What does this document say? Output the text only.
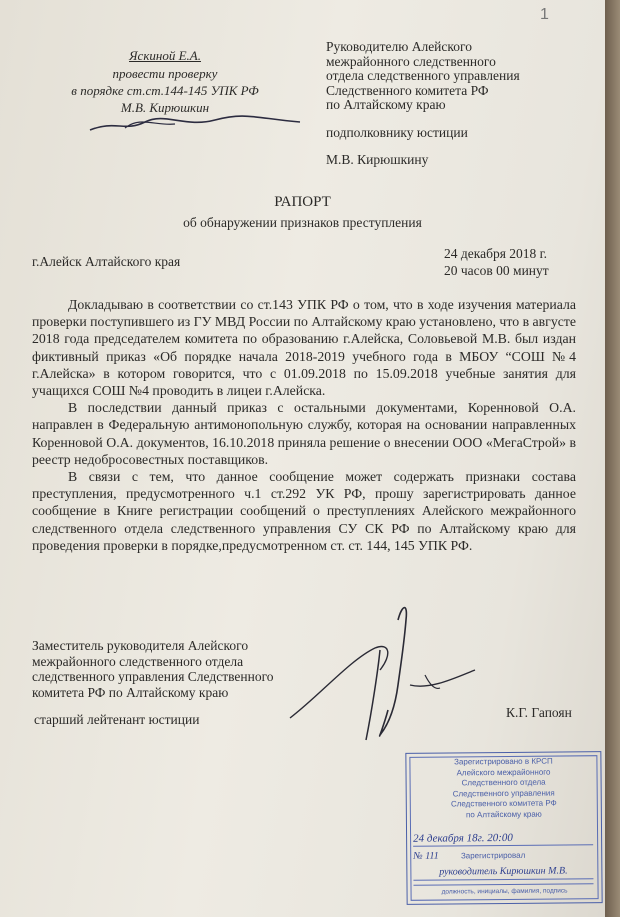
1
Яскиной Е.А.
провести проверку
в порядке ст.ст.144-145 УПК РФ
М.В. Кирюшкин
Руководителю Алейского
межрайонного следственного
отдела следственного управления
Следственного комитета РФ
по Алтайскому краю
подполковнику юстиции
М.В. Кирюшкину
РАПОРТ
об обнаружении признаков преступления
г.Алейск Алтайского края
24 декабря 2018 г.
20 часов 00 минут

Докладываю в соответствии со ст.143 УПК РФ о том, что в ходе изучения материала проверки поступившего из ГУ МВД России по Алтайскому краю установлено, что в августе 2018 года председателем комитета по образованию г.Алейска, Соловьевой М.В. был издан фиктивный приказ «Об порядке начала 2018-2019 учебного года в МБОУ “СОШ №4 г.Алейска» в котором говорится, что с 01.09.2018 по 15.09.2018 учебные занятия для учащихся СОШ №4 проводить в лицеи г.Алейска.

В последствии данный приказ с остальными документами, Коренновой О.А. направлен в Федеральную антимонопольную службу, которая на основании направленных Коренновой О.А. документов, 16.10.2018 приняла решение о внесении ООО «МегаСтрой» в реестр недобросовестных поставщиков.

В связи с тем, что данное сообщение может содержать признаки состава преступления, предусмотренного ч.1 ст.292 УК РФ, прошу зарегистрировать данное сообщение в Книге регистрации сообщений о преступлениях Алейского межрайонного следственного отдела следственного управления СУ СК РФ по Алтайскому краю для проведения проверки в порядке,предусмотренном ст. ст. 144, 145 УПК РФ.

Заместитель руководителя Алейского
межрайонного следственного отдела
следственного управления Следственного
комитета РФ по Алтайскому краю
старший лейтенант юстиции	К.Г. Гапоян
Зарегистрировано в КРСП
Алейского межрайонного
Следственного отдела
Следственного управления
Следственного комитета РФ
по Алтайскому краю
24 декабря 18г. 20:00
№ 111	Зарегистрировал
руководитель Кирюшкин М.В.
должность, инициалы, фамилия, подпись
